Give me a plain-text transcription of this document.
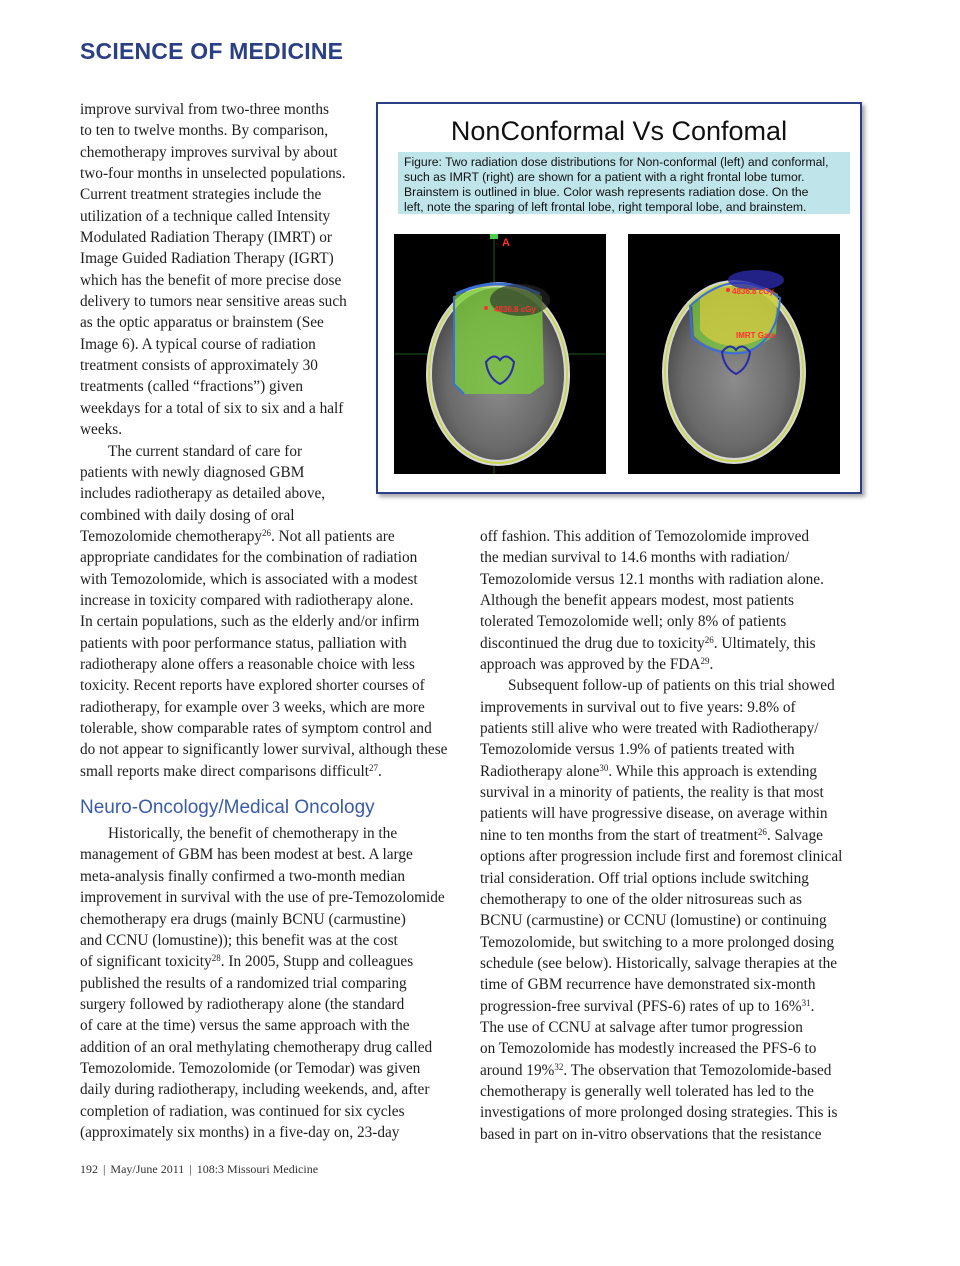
SCIENCE OF MEDICINE
improve survival from two-three months
to ten to twelve months. By comparison,
chemotherapy improves survival by about
two-four months in unselected populations.
Current treatment strategies include the
utilization of a technique called Intensity
Modulated Radiation Therapy (IMRT) or
Image Guided Radiation Therapy (IGRT)
which has the benefit of more precise dose
delivery to tumors near sensitive areas such
as the optic apparatus or brainstem (See
Image 6). A typical course of radiation
treatment consists of approximately 30
treatments (called “fractions”) given
weekdays for a total of six to six and a half
weeks.
The current standard of care for
patients with newly diagnosed GBM
includes radiotherapy as detailed above,
combined with daily dosing of oral
Temozolomide chemotherapy$^{26}$. Not all patients are
appropriate candidates for the combination of radiation
with Temozolomide, which is associated with a modest
increase in toxicity compared with radiotherapy alone.
In certain populations, such as the elderly and/or infirm
patients with poor performance status, palliation with
radiotherapy alone offers a reasonable choice with less
toxicity. Recent reports have explored shorter courses of
radiotherapy, for example over 3 weeks, which are more
tolerable, show comparable rates of symptom control and
do not appear to significantly lower survival, although these
small reports make direct comparisons difficult$^{27}$.
Neuro-Oncology/Medical Oncology
Historically, the benefit of chemotherapy in the
management of GBM has been modest at best. A large
meta-analysis finally confirmed a two-month median
improvement in survival with the use of pre-Temozolomide
chemotherapy era drugs (mainly BCNU (carmustine)
and CCNU (lomustine)); this benefit was at the cost
of significant toxicity$^{28}$. In 2005, Stupp and colleagues
published the results of a randomized trial comparing
surgery followed by radiotherapy alone (the standard
of care at the time) versus the same approach with the
addition of an oral methylating chemotherapy drug called
Temozolomide. Temozolomide (or Temodar) was given
daily during radiotherapy, including weekends, and, after
completion of radiation, was continued for six cycles
(approximately six months) in a five-day on, 23-day
off fashion. This addition of Temozolomide improved
the median survival to 14.6 months with radiation/
Temozolomide versus 12.1 months with radiation alone.
Although the benefit appears modest, most patients
tolerated Temozolomide well; only 8% of patients
discontinued the drug due to toxicity$^{26}$. Ultimately, this
approach was approved by the FDA$^{29}$.
Subsequent follow-up of patients on this trial showed
improvements in survival out to five years: 9.8% of
patients still alive who were treated with Radiotherapy/
Temozolomide versus 1.9% of patients treated with
Radiotherapy alone$^{30}$. While this approach is extending
survival in a minority of patients, the reality is that most
patients will have progressive disease, on average within
nine to ten months from the start of treatment$^{26}$. Salvage
options after progression include first and foremost clinical
trial consideration. Off trial options include switching
chemotherapy to one of the older nitrosureas such as
BCNU (carmustine) or CCNU (lomustine) or continuing
Temozolomide, but switching to a more prolonged dosing
schedule (see below). Historically, salvage therapies at the
time of GBM recurrence have demonstrated six-month
progression-free survival (PFS-6) rates of up to 16%$^{31}$.
The use of CCNU at salvage after tumor progression
on Temozolomide has modestly increased the PFS-6 to
around 19%$^{32}$. The observation that Temozolomide-based
chemotherapy is generally well tolerated has led to the
investigations of more prolonged dosing strategies. This is
based in part on in-vitro observations that the resistance
NonConformal Vs Confomal
Figure: Two radiation dose distributions for Non-conformal (left) and conformal,
such as IMRT (right) are shown for a patient with a right frontal lobe tumor.
Brainstem is outlined in blue. Color wash represents radiation dose. On the
left, note the sparing of left frontal lobe, right temporal lobe, and brainstem.
A
4836.8 cGy
4836.8 cGy
IMRT Gate
192 | May/June 2011 | 108:3 Missouri Medicine
